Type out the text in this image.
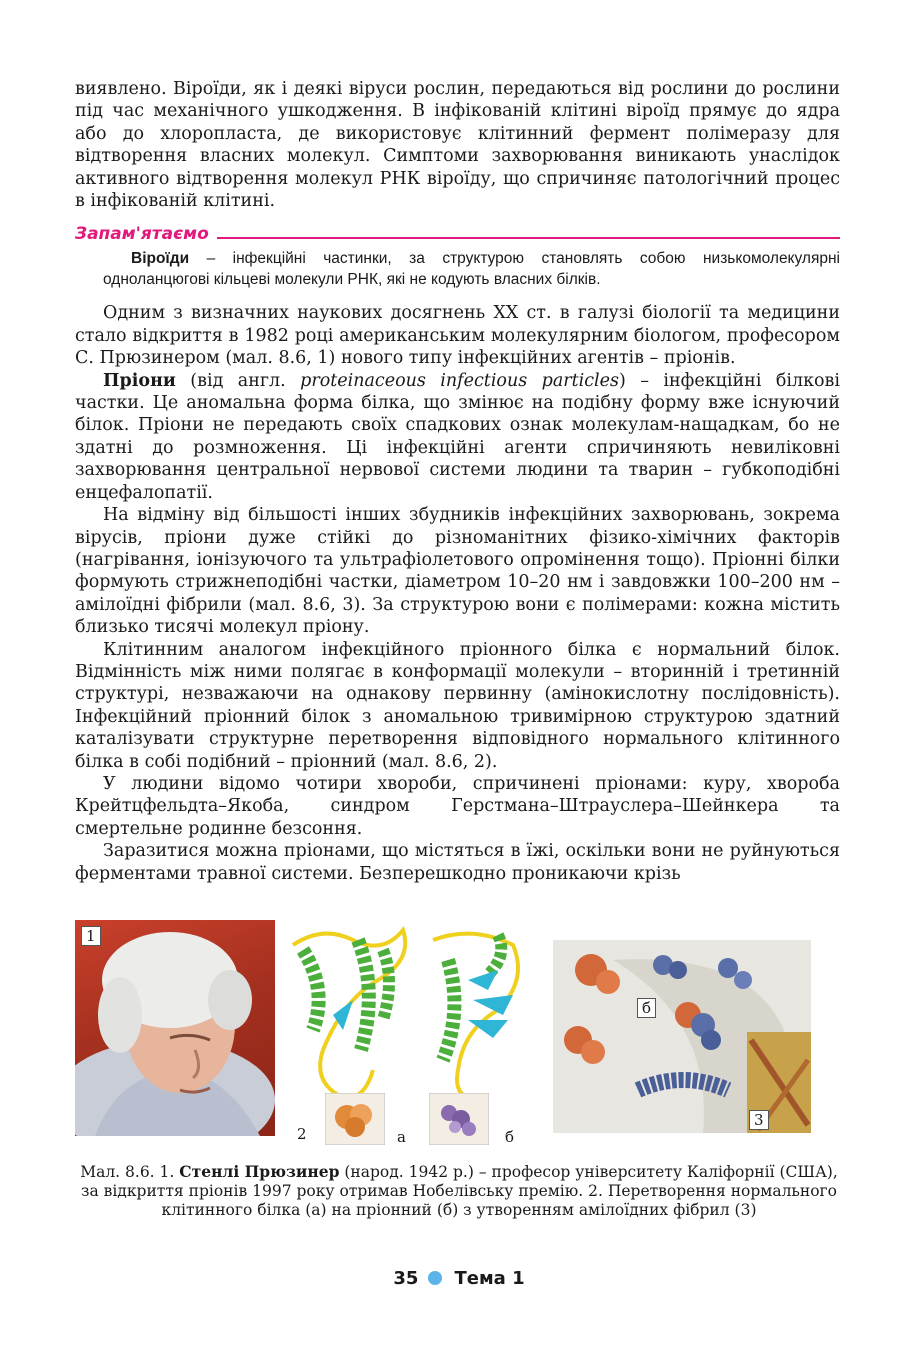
виявлено. Віроїди, як і деякі віруси рослин, передаються від рослини до рослини під час механічного ушкодження. В інфікованій клітині віроїд прямує до ядра або до хлоропласта, де використовує клітинний фермент полімеразу для відтворення власних молекул. Симптоми захворювання виникають унаслідок активного відтворення молекул РНК віроїду, що спричиняє патологічний процес в інфікованій клітині.

Запам'ятаємо
Віроїди – інфекційні частинки, за структурою становлять собою низькомолекулярні одноланцюгові кільцеві молекули РНК, які не кодують власних білків.

Одним з визначних наукових досягнень XX ст. в галузі біології та медицини стало відкриття в 1982 році американським молекулярним біологом, професором С. Прюзинером (мал. 8.6, 1) нового типу інфекційних агентів – пріонів.

Пріони (від англ. proteinaceous infectious particles) – інфекційні білкові частки. Це аномальна форма білка, що змінює на подібну форму вже існуючий білок. Пріони не передають своїх спадкових ознак молекулам-нащадкам, бо не здатні до розмноження. Ці інфекційні агенти спричиняють невиліковні захворювання центральної нервової системи людини та тварин – губкоподібні енцефалопатії.

На відміну від більшості інших збудників інфекційних захворювань, зокрема вірусів, пріони дуже стійкі до різноманітних фізико-хімічних факторів (нагрівання, іонізуючого та ультрафіолетового опромінення тощо). Пріонні білки формують стрижнеподібні частки, діаметром 10–20 нм і завдовжки 100–200 нм – амілоїдні фібрили (мал. 8.6, 3). За структурою вони є полімерами: кожна містить близько тисячі молекул пріону.

Клітинним аналогом інфекційного пріонного білка є нормальний білок. Відмінність між ними полягає в конформації молекули – вторинній і третинній структурі, незважаючи на однакову первинну (амінокислотну послідовність). Інфекційний пріонний білок з аномальною тривимірною структурою здатний каталізувати структурне перетворення відповідного нормального клітинного білка в собі подібний – пріонний (мал. 8.6, 2).

У людини відомо чотири хвороби, спричинені пріонами: куру, хвороба Крейтцфельдта–Якоба, синдром Герстмана–Штрауслера–Шейнкера та смертельне родинне безсоння.

Заразитися можна пріонами, що містяться в їжі, оскільки вони не руйнуються ферментами травної системи. Безперешкодно проникаючи крізь

1
2	а	б
б
3
Мал. 8.6. 1. Стенлі Прюзинер (народ. 1942 р.) – професор університету Каліфорнії (США), за відкриття пріонів 1997 року отримав Нобелівську премію. 2. Перетворення нормального клітинного білка (а) на пріонний (б) з утворенням амілоїдних фібрил (3)
35 Тема 1
